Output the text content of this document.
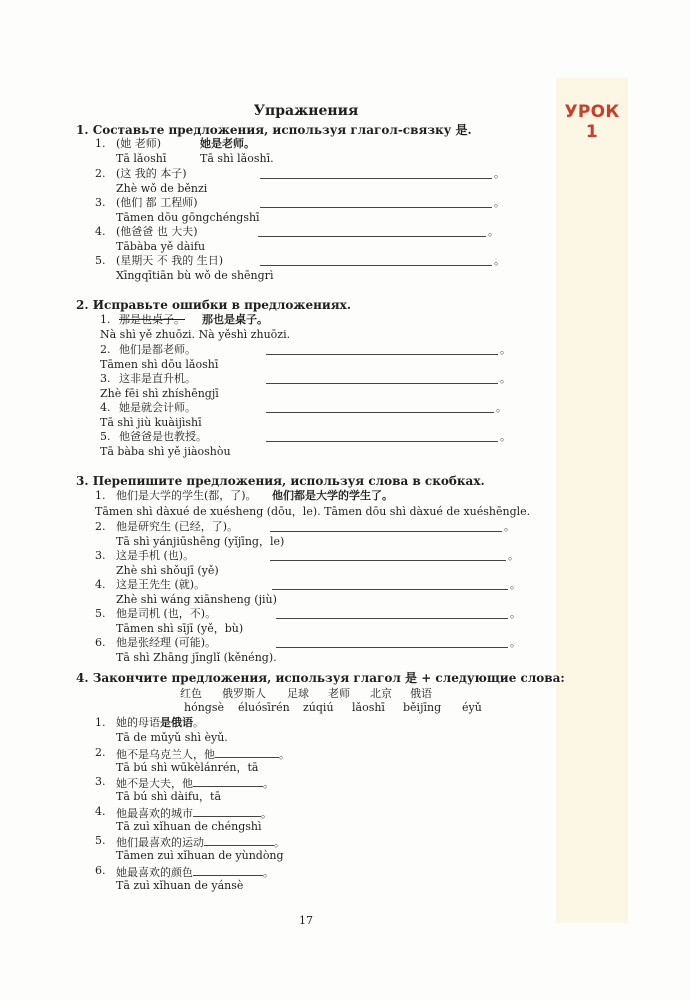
УРОК
1
Упражнения
1. Составьте предложения, используя глагол-связку 是.
1. (她 老师)	她是老师。
Tā lǎoshī	Tā shì lǎoshī.
2. (这 我的 本子)	。
Zhè wǒ de běnzi
3. (他们 都 工程师)	。
Tāmen dōu gōngchéngshī
4. (他爸爸 也 大夫)	。
Tābàba yě dàifu
5. (星期天 不 我的 生日)	。
Xīngqītiān bù wǒ de shēngrì
2. Исправьте ошибки в предложениях.
1. 那是也桌子。 那也是桌子。
Nà shì yě zhuōzi. Nà yěshì zhuōzi.
2. 他们是都老师。	。
Tāmen shì dōu lǎoshī
3. 这非是直升机。	。
Zhè fēi shì zhíshēngjī
4. 她是就会计师。	。
Tā shì jiù kuàijìshī
5. 他爸爸是也教授。	。
Tā bàba shì yě jiàoshòu
3. Перепишите предложения, используя слова в скобках.
1. 他们是大学的学生(都，了)。 他们都是大学的学生了。
Tāmen shì dàxué de xuésheng (dōu，le). Tāmen dōu shì dàxué de xuéshēngle.
2. 他是研究生 (已经，了)。	。
Tā shì yánjiūshēng (yǐjīng，le)
3. 这是手机 (也)。	。
Zhè shì shǒujī (yě)
4. 这是王先生 (就)。	。
Zhè shì wáng xiānsheng (jiù)
5. 他是司机 (也，不)。	。
Tāmen shì sījī (yě，bù)
6. 他是张经理 (可能)。	。
Tā shì Zhāng jīnglǐ (kěnéng).
4. Закончите предложения, используя глагол 是 + следующие слова:
红色 俄罗斯人 足球 老师 北京 俄语
hóngsè éluósīrén zúqiú lǎoshī běijīng éyǔ
1. 她的母语是俄语。
Tā de mǔyǔ shì èyǔ.
2. 他不是乌克兰人，他	。
Tā bú shì wūkèlánrén，tā
3. 她不是大夫，他	。
Tā bú shì dàifu，tā
4. 他最喜欢的城市	。
Tā zuì xǐhuan de chéngshì
5. 他们最喜欢的运动	。
Tāmen zuì xǐhuan de yùndòng
6. 她最喜欢的颜色	。
Tā zuì xǐhuan de yánsè
17
